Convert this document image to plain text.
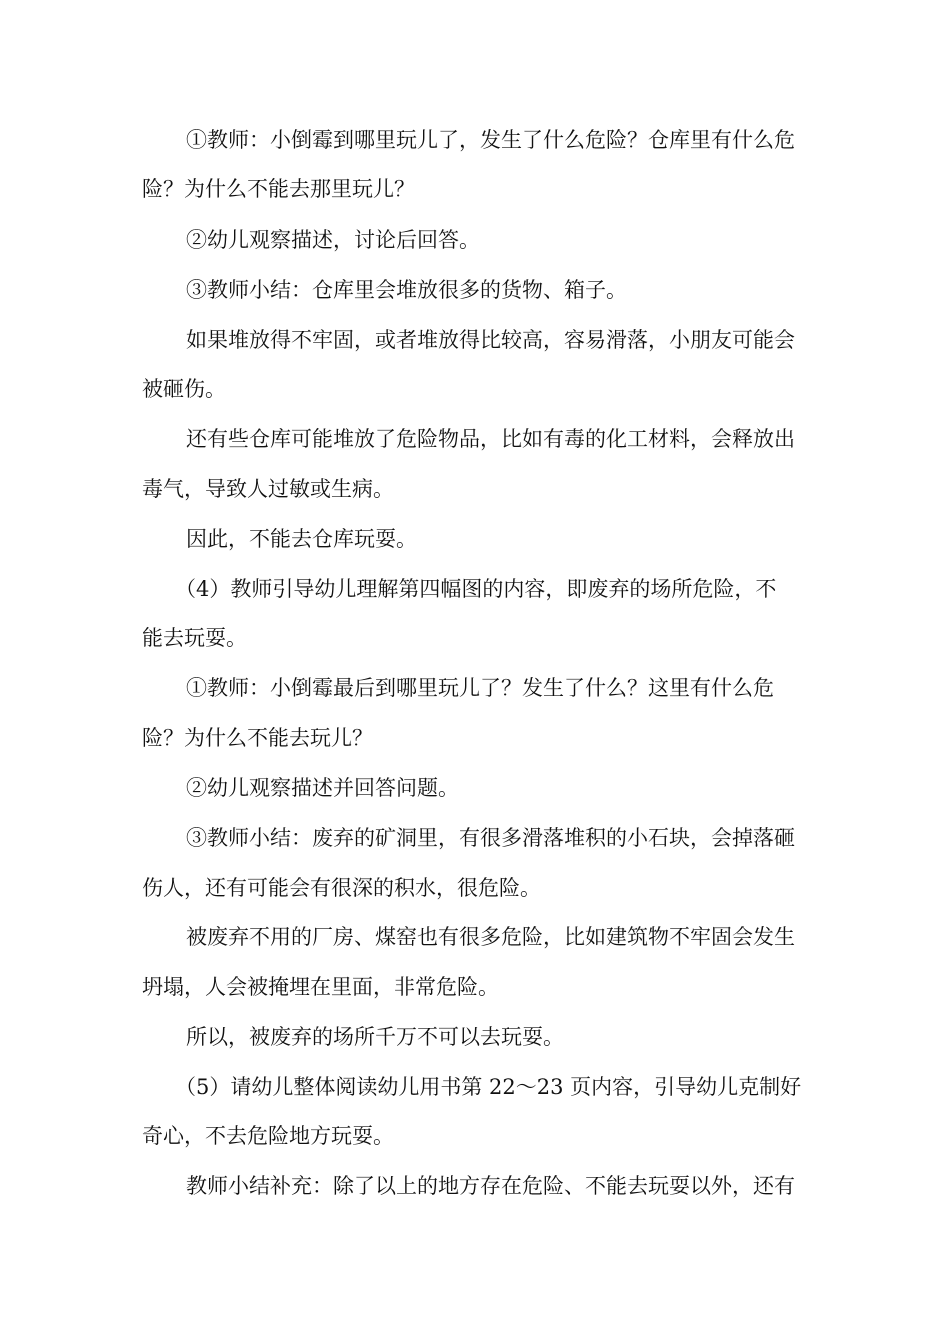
①教师：小倒霉到哪里玩儿了，发生了什么危险？仓库里有什么危
险？为什么不能去那里玩儿？
②幼儿观察描述，讨论后回答。
③教师小结：仓库里会堆放很多的货物、箱子。
如果堆放得不牢固，或者堆放得比较高，容易滑落，小朋友可能会
被砸伤。
还有些仓库可能堆放了危险物品，比如有毒的化工材料，会释放出
毒气，导致人过敏或生病。
因此，不能去仓库玩耍。
（4）教师引导幼儿理解第四幅图的内容，即废弃的场所危险，不
能去玩耍。
①教师：小倒霉最后到哪里玩儿了？发生了什么？这里有什么危
险？为什么不能去玩儿？
②幼儿观察描述并回答问题。
③教师小结：废弃的矿洞里，有很多滑落堆积的小石块，会掉落砸
伤人，还有可能会有很深的积水，很危险。
被废弃不用的厂房、煤窑也有很多危险，比如建筑物不牢固会发生
坍塌，人会被掩埋在里面，非常危险。
所以，被废弃的场所千万不可以去玩耍。
（5）请幼儿整体阅读幼儿用书第 22～23 页内容，引导幼儿克制好
奇心，不去危险地方玩耍。
教师小结补充：除了以上的地方存在危险、不能去玩耍以外，还有
